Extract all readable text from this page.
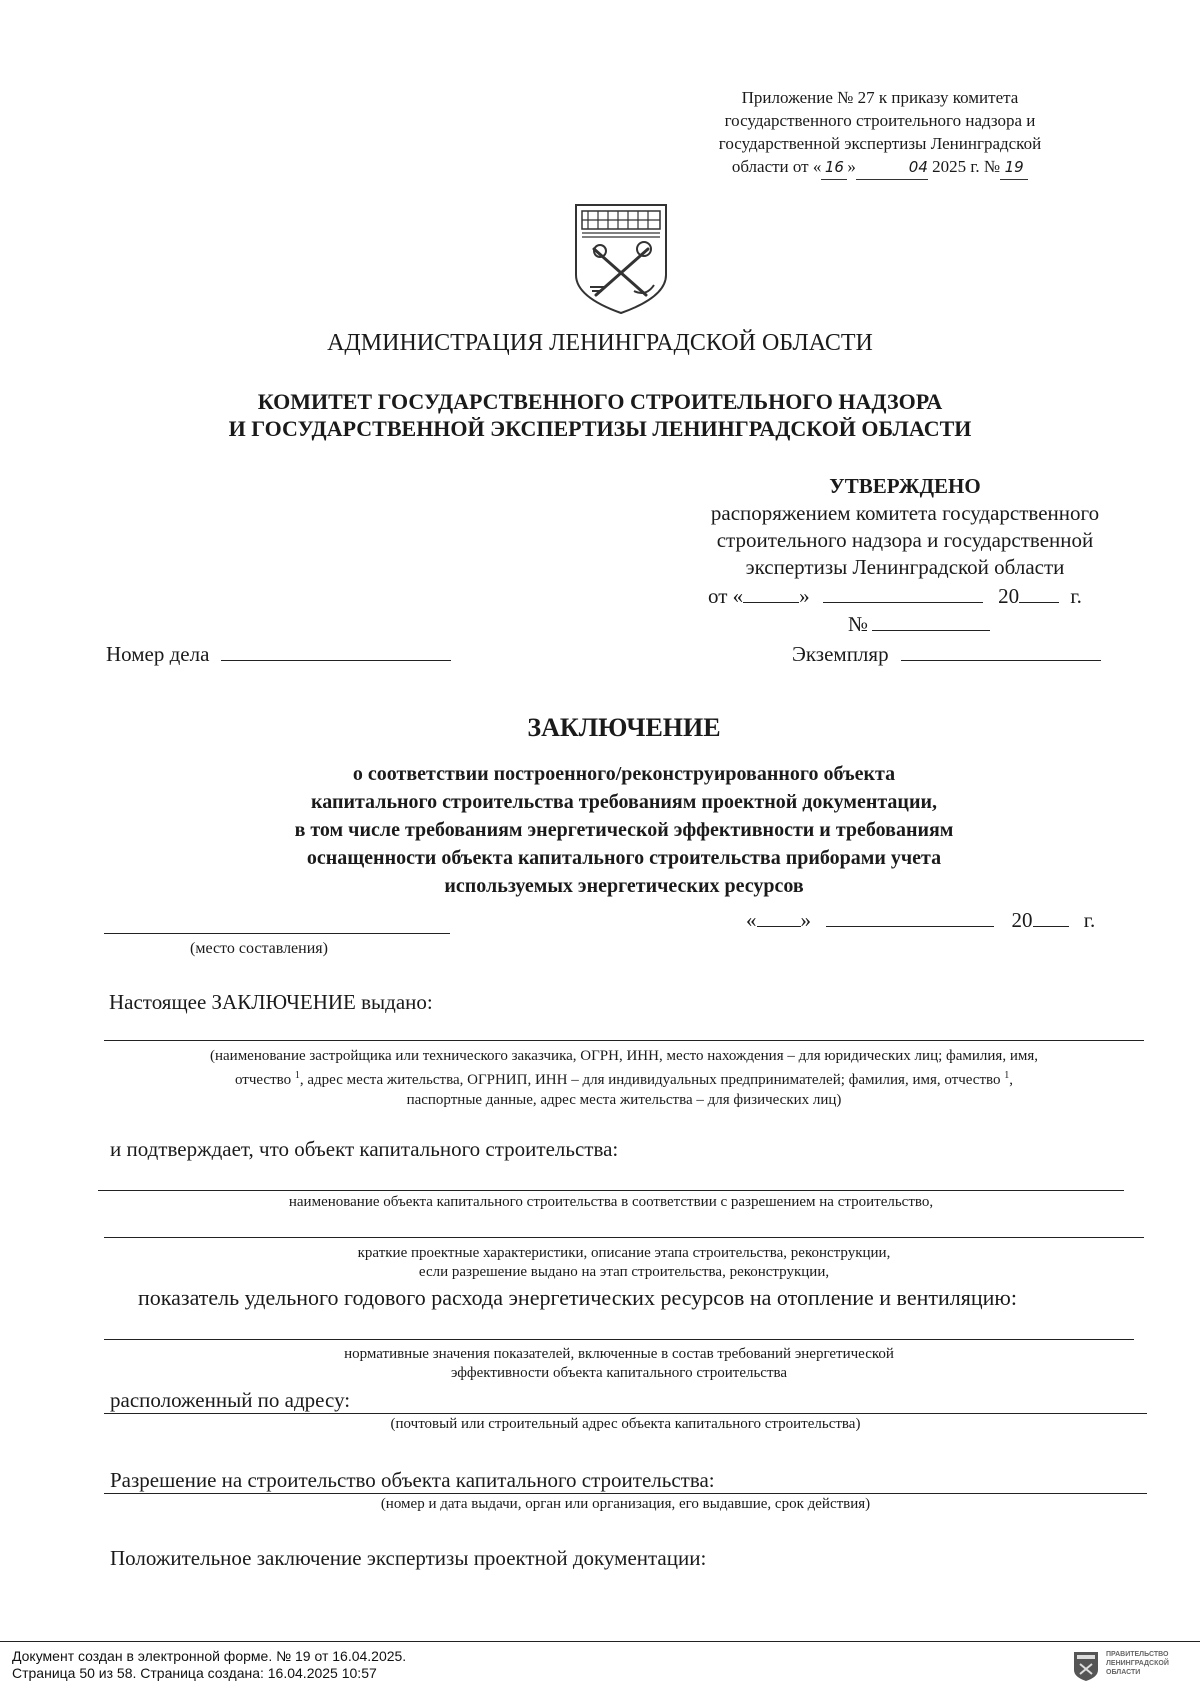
Приложение № 27 к приказу комитета
государственного строительного надзора и
государственной экспертизы Ленинградской
области от « 16 »	04 2025 г. № 19
АДМИНИСТРАЦИЯ ЛЕНИНГРАДСКОЙ ОБЛАСТИ
КОМИТЕТ ГОСУДАРСТВЕННОГО СТРОИТЕЛЬНОГО НАДЗОРА
И ГОСУДАРСТВЕННОЙ ЭКСПЕРТИЗЫ ЛЕНИНГРАДСКОЙ ОБЛАСТИ
УТВЕРЖДЕНО
распоряжением комитета государственного
строительного надзора и государственной
экспертизы Ленинградской области
от «	»	20 г.
№
Номер дела	Экземпляр
ЗАКЛЮЧЕНИЕ
о соответствии построенного/реконструированного объекта
капитального строительства требованиям проектной документации,
в том числе требованиям энергетической эффективности и требованиям
оснащенности объекта капитального строительства приборами учета
используемых энергетических ресурсов
(место составления)
« »	20 г.
Настоящее ЗАКЛЮЧЕНИЕ выдано:
(наименование застройщика или технического заказчика, ОГРН, ИНН, место нахождения – для юридических лиц; фамилия, имя,
отчество $^1$, адрес места жительства, ОГРНИП, ИНН – для индивидуальных предпринимателей; фамилия, имя, отчество $^1$,
паспортные данные, адрес места жительства – для физических лиц)
и подтверждает, что объект капитального строительства:
наименование объекта капитального строительства в соответствии с разрешением на строительство,
краткие проектные характеристики, описание этапа строительства, реконструкции,
если разрешение выдано на этап строительства, реконструкции,
показатель удельного годового расхода энергетических ресурсов на отопление и вентиляцию:
нормативные значения показателей, включенные в состав требований энергетической
эффективности объекта капитального строительства
расположенный по адресу:
(почтовый или строительный адрес объекта капитального строительства)
Разрешение на строительство объекта капитального строительства:
(номер и дата выдачи, орган или организация, его выдавшие, срок действия)
Положительное заключение экспертизы проектной документации:
Документ создан в электронной форме. № 19 от 16.04.2025.
Страница 50 из 58. Страница создана: 16.04.2025 10:57
ПРАВИТЕЛЬСТВО
ЛЕНИНГРАДСКОЙ
ОБЛАСТИ
